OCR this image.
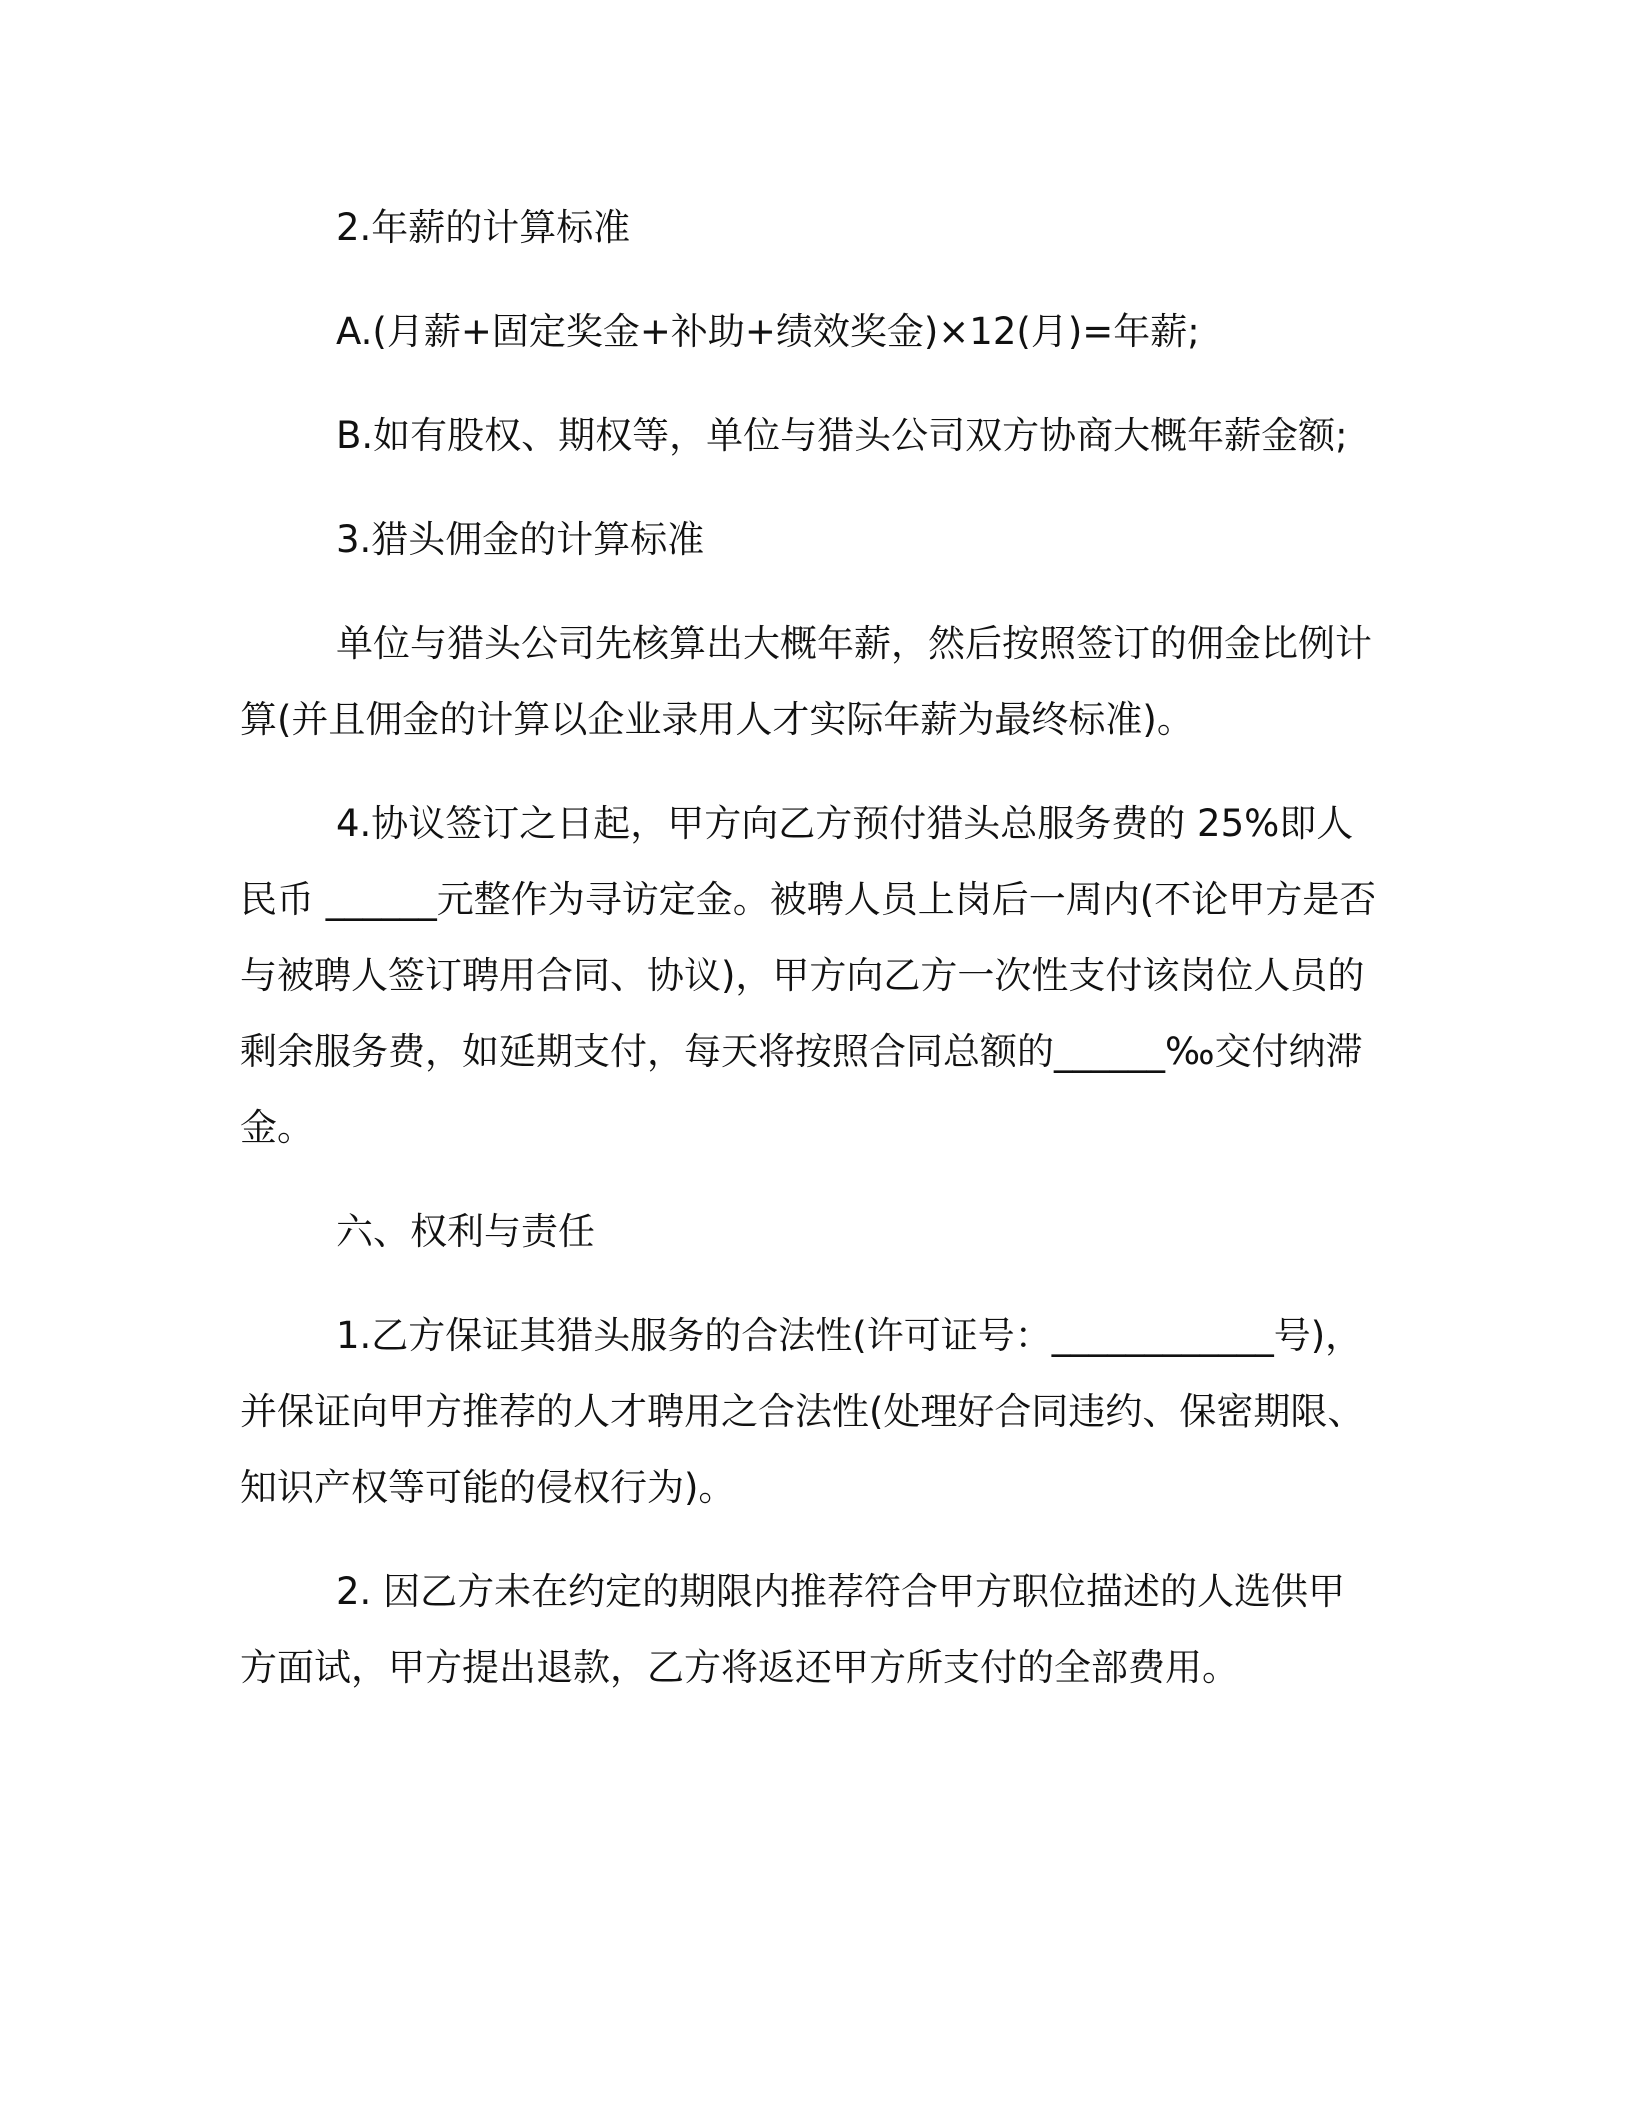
2.年薪的计算标准

A.(月薪+固定奖金+补助+绩效奖金)×12(月)=年薪;

B.如有股权、期权等，单位与猎头公司双方协商大概年薪金额;

3.猎头佣金的计算标准

单位与猎头公司先核算出大概年薪，然后按照签订的佣金比例计算(并且佣金的计算以企业录用人才实际年薪为最终标准)。

4.协议签订之日起，甲方向乙方预付猎头总服务费的 25%即人民币 ______元整作为寻访定金。被聘人员上岗后一周内(不论甲方是否与被聘人签订聘用合同、协议)，甲方向乙方一次性支付该岗位人员的剩余服务费，如延期支付，每天将按照合同总额的______‰交付纳滞金。

六、权利与责任

1.乙方保证其猎头服务的合法性(许可证号：____________号)，并保证向甲方推荐的人才聘用之合法性(处理好合同违约、保密期限、知识产权等可能的侵权行为)。

2. 因乙方未在约定的期限内推荐符合甲方职位描述的人选供甲方面试，甲方提出退款，乙方将返还甲方所支付的全部费用。
